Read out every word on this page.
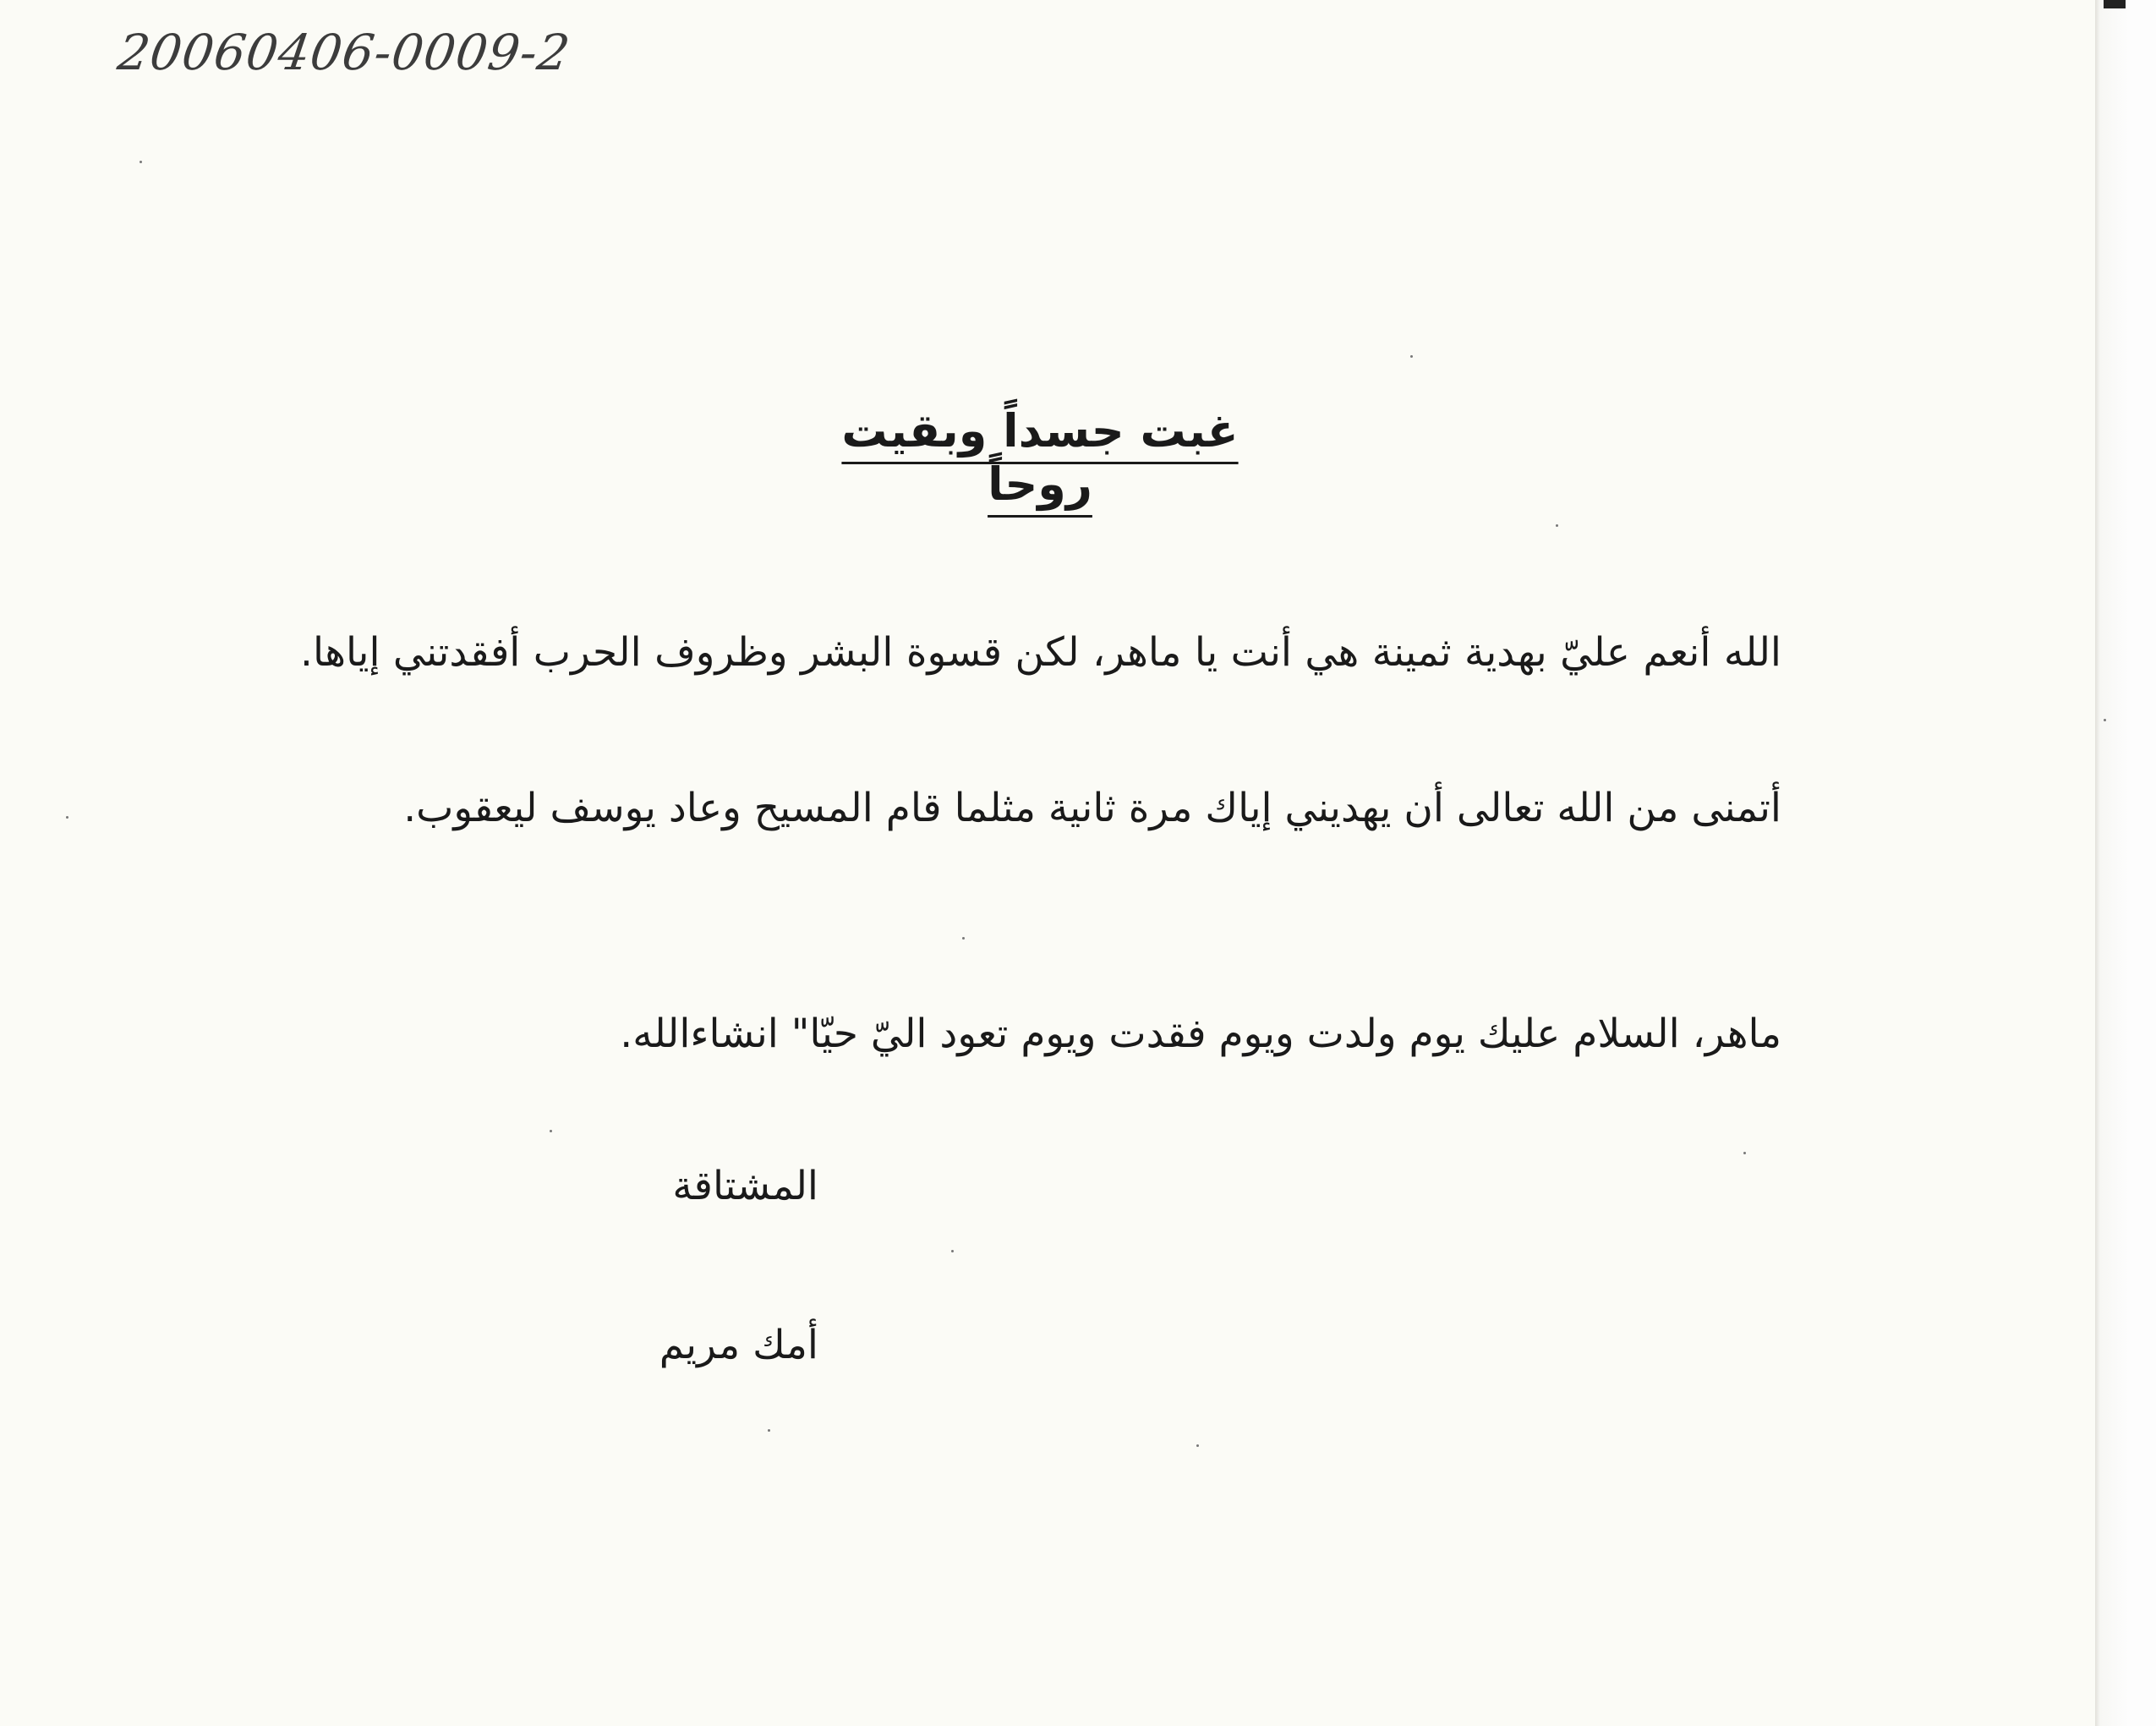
20060406-0009-2
غبت جسداً وبقيت روحاً

الله أنعم عليّ بهدية ثمينة هي أنت يا ماهر، لكن قسوة البشر وظروف الحرب أفقدتني إياها. أتمنى من الله تعالى أن يهديني إياك مرة ثانية مثلما قام المسيح وعاد يوسف ليعقوب.

ماهر، السلام عليك يوم ولدت ويوم فقدت ويوم تعود اليّ حيّا" انشاءالله.

المشتاقة

أمك مريم
